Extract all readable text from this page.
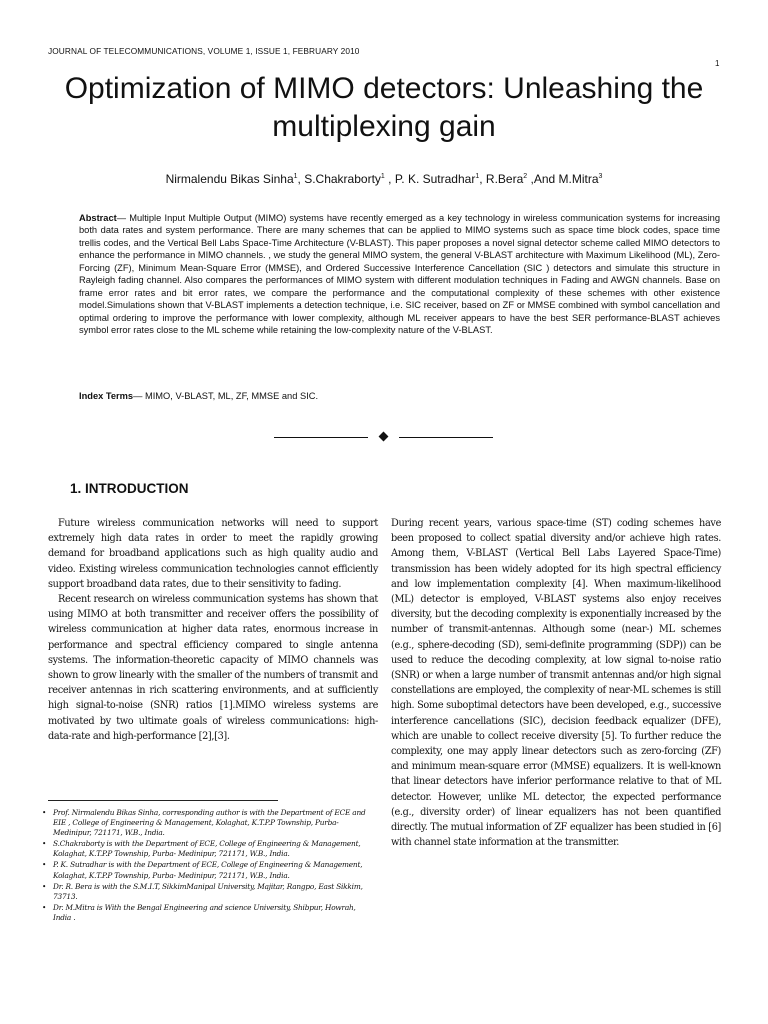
JOURNAL OF TELECOMMUNICATIONS, VOLUME 1, ISSUE 1, FEBRUARY 2010
1
Optimization of MIMO detectors: Unleashing the multiplexing gain
Nirmalendu Bikas Sinha$^1$, S.Chakraborty$^1$ , P. K. Sutradhar$^1$, R.Bera$^2$ ,And M.Mitra$^3$

Abstract— Multiple Input Multiple Output (MIMO) systems have recently emerged as a key technology in wireless communication systems for increasing both data rates and system performance. There are many schemes that can be applied to MIMO systems such as space time block codes, space time trellis codes, and the Vertical Bell Labs Space-Time Architecture (V-BLAST). This paper proposes a novel signal detector scheme called MIMO detectors to enhance the performance in MIMO channels. , we study the general MIMO system, the general V-BLAST architecture with Maximum Likelihood (ML), Zero- Forcing (ZF), Minimum Mean-Square Error (MMSE), and Ordered Successive Interference Cancellation (SIC ) detectors and simulate this structure in Rayleigh fading channel. Also compares the performances of MIMO system with different modulation techniques in Fading and AWGN channels. Base on frame error rates and bit error rates, we compare the performance and the computational complexity of these schemes with other existence model.Simulations shown that V-BLAST implements a detection technique, i.e. SIC receiver, based on ZF or MMSE combined with symbol cancellation and optimal ordering to improve the performance with lower complexity, although ML receiver appears to have the best SER performance-BLAST achieves symbol error rates close to the ML scheme while retaining the low-complexity nature of the V-BLAST.

Index Terms— MIMO, V-BLAST, ML, ZF, MMSE and SIC.

1. INTRODUCTION

Future wireless communication networks will need to support extremely high data rates in order to meet the rapidly growing demand for broadband applications such as high quality audio and video. Existing wireless communication technologies cannot efficiently support broadband data rates, due to their sensitivity to fading.

Recent research on wireless communication systems has shown that using MIMO at both transmitter and receiver offers the possibility of wireless communication at higher data rates, enormous increase in performance and spectral efficiency compared to single antenna systems. The information-theoretic capacity of MIMO channels was shown to grow linearly with the smaller of the numbers of transmit and receiver antennas in rich scattering environments, and at sufficiently high signal-to-noise (SNR) ratios [1].MIMO wireless systems are motivated by two ultimate goals of wireless communications: high-data-rate and high-performance [2],[3].

During recent years, various space-time (ST) coding schemes have been proposed to collect spatial diversity and/or achieve high rates. Among them, V-BLAST (Vertical Bell Labs Layered Space-Time) transmission has been widely adopted for its high spectral efficiency and low implementation complexity [4]. When maximum-likelihood (ML) detector is employed, V-BLAST systems also enjoy receives diversity, but the decoding complexity is exponentially increased by the number of transmit-antennas. Although some (near-) ML schemes (e.g., sphere-decoding (SD), semi-definite programming (SDP)) can be used to reduce the decoding complexity, at low signal to-noise ratio (SNR) or when a large number of transmit antennas and/or high signal constellations are employed, the complexity of near-ML schemes is still high. Some suboptimal detectors have been developed, e.g., successive interference cancellations (SIC), decision feedback equalizer (DFE), which are unable to collect receive diversity [5]. To further reduce the complexity, one may apply linear detectors such as zero-forcing (ZF) and minimum mean-square error (MMSE) equalizers. It is well-known that linear detectors have inferior performance relative to that of ML detector. However, unlike ML detector, the expected performance (e.g., diversity order) of linear equalizers has not been quantified directly. The mutual information of ZF equalizer has been studied in [6] with channel state information at the transmitter.

• Prof. Nirmalendu Bikas Sinha, corresponding author is with the Department of ECE and EIE , College of Engineering & Management, Kolaghat, K.T.P.P Township, Purba-Medinipur, 721171, W.B., India.
• S.Chakraborty is with the Department of ECE, College of Engineering & Management, Kolaghat, K.T.P.P Township, Purba- Medinipur, 721171, W.B., India.
• P. K. Sutradhar is with the Department of ECE, College of Engineering & Management, Kolaghat, K.T.P.P Township, Purba- Medinipur, 721171, W.B., India.
• Dr. R. Bera is with the S.M.I.T, SikkimManipal University, Majitar, Rangpo, East Sikkim, 73713.
• Dr. M.Mitra is With the Bengal Engineering and science University, Shibpur, Howrah, India .
